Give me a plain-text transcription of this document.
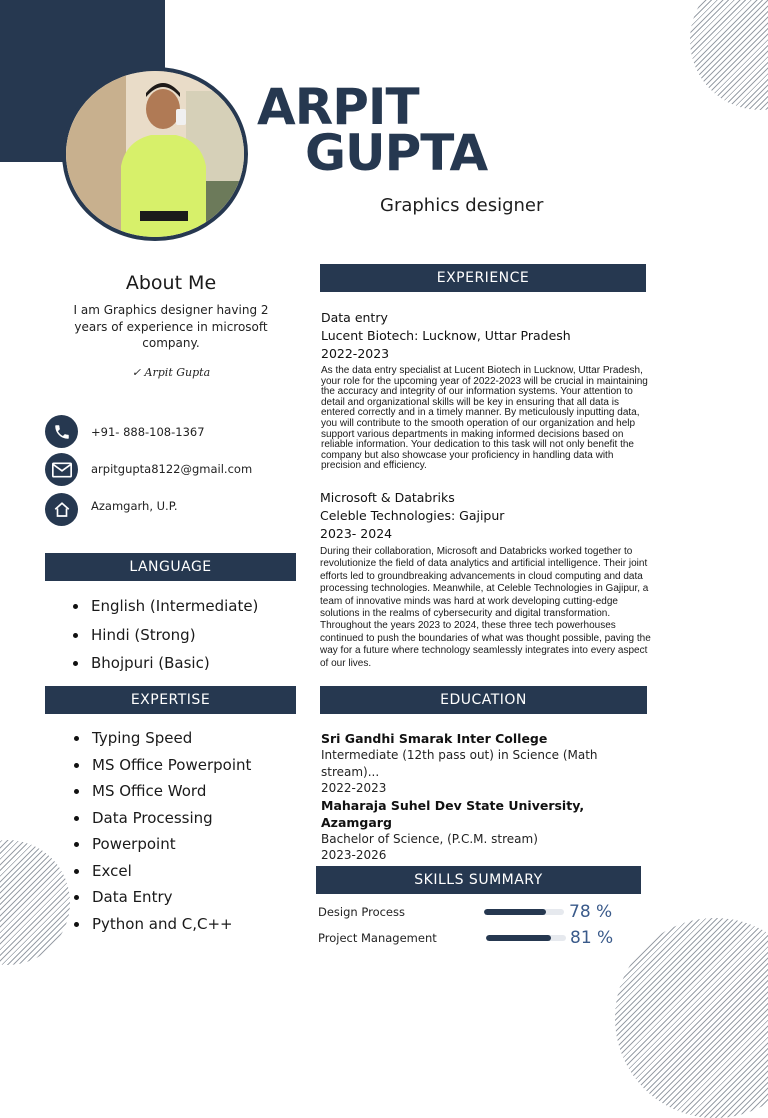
ARPIT
GUPTA
Graphics designer
About Me
I am Graphics designer having 2 years of experience in microsoft company.
✓ Arpit Gupta
+91- 888-108-1367
arpitgupta8122@gmail.com
Azamgarh, U.P.
LANGUAGE
English (Intermediate)
Hindi (Strong)
Bhojpuri (Basic)
EXPERTISE
Typing Speed
MS Office Powerpoint
MS Office Word
Data Processing
Powerpoint
Excel
Data Entry
Python and C,C++
EXPERIENCE
Data entry
Lucent Biotech: Lucknow, Uttar Pradesh
2022-2023
As the data entry specialist at Lucent Biotech in Lucknow, Uttar Pradesh, your role for the upcoming year of 2022-2023 will be crucial in maintaining the accuracy and integrity of our information systems. Your attention to detail and organizational skills will be key in ensuring that all data is entered correctly and in a timely manner. By meticulously inputting data, you will contribute to the smooth operation of our organization and help support various departments in making informed decisions based on reliable information. Your dedication to this task will not only benefit the company but also showcase your proficiency in handling data with precision and efficiency.
Microsoft & Databriks
Celeble Technologies: Gajipur
2023- 2024
During their collaboration, Microsoft and Databricks worked together to revolutionize the field of data analytics and artificial intelligence. Their joint efforts led to groundbreaking advancements in cloud computing and data processing technologies. Meanwhile, at Celeble Technologies in Gajipur, a team of innovative minds was hard at work developing cutting-edge solutions in the realms of cybersecurity and digital transformation. Throughout the years 2023 to 2024, these three tech powerhouses continued to push the boundaries of what was thought possible, paving the way for a future where technology seamlessly integrates into every aspect of our lives.
EDUCATION
Sri Gandhi Smarak Inter College
Intermediate (12th pass out) in Science (Math stream)...
2022-2023
Maharaja Suhel Dev State University, Azamgarg
Bachelor of Science, (P.C.M. stream)
2023-2026
SKILLS SUMMARY
Design Process	78 %
Project Management	81 %
